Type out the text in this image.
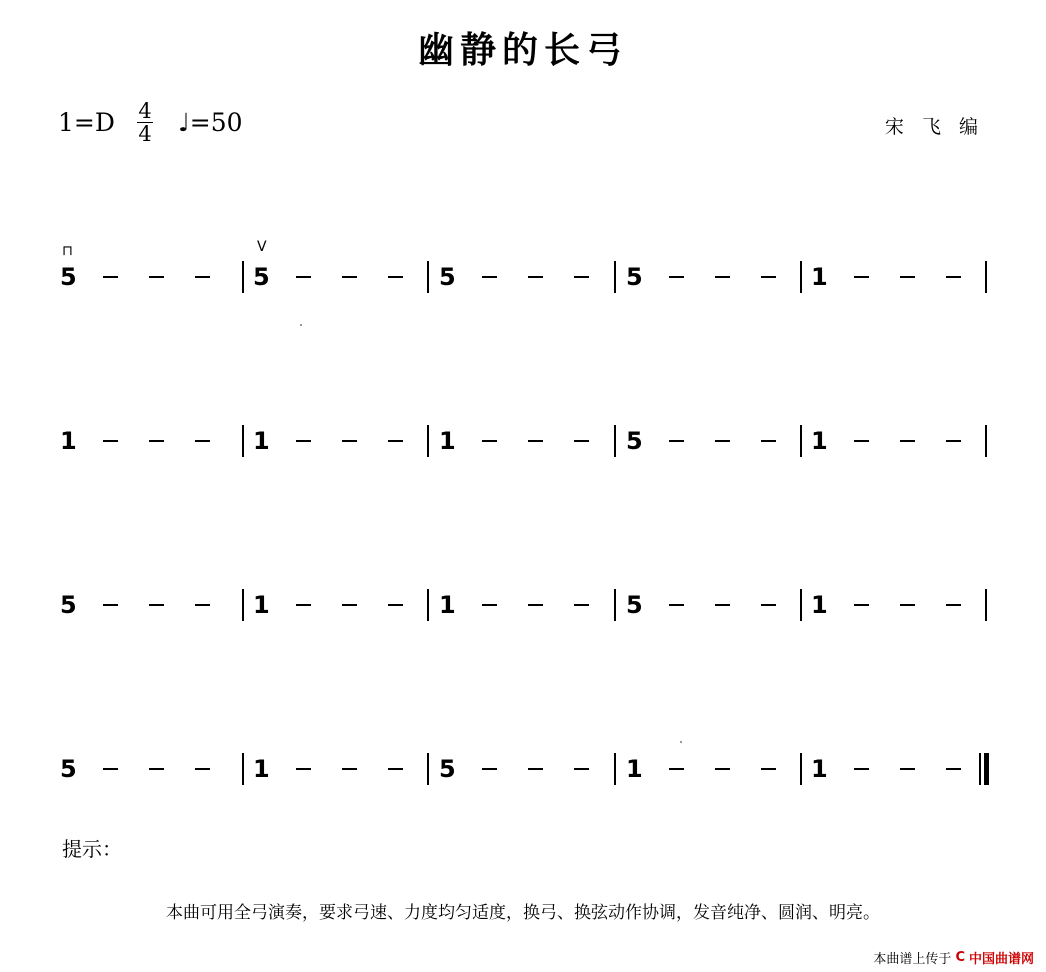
幽静的长弓
1=D 4
4 ♩=50	宋 飞 编
5	5	5	5	1
1	1	1	5	1
5	1	1	5	1
5	1	5	1	1
⊓	V
提示：
本曲可用全弓演奏，要求弓速、力度均匀适度，换弓、换弦动作协调，发音纯净、圆润、明亮。
本曲谱上传于 C 中国曲谱网
